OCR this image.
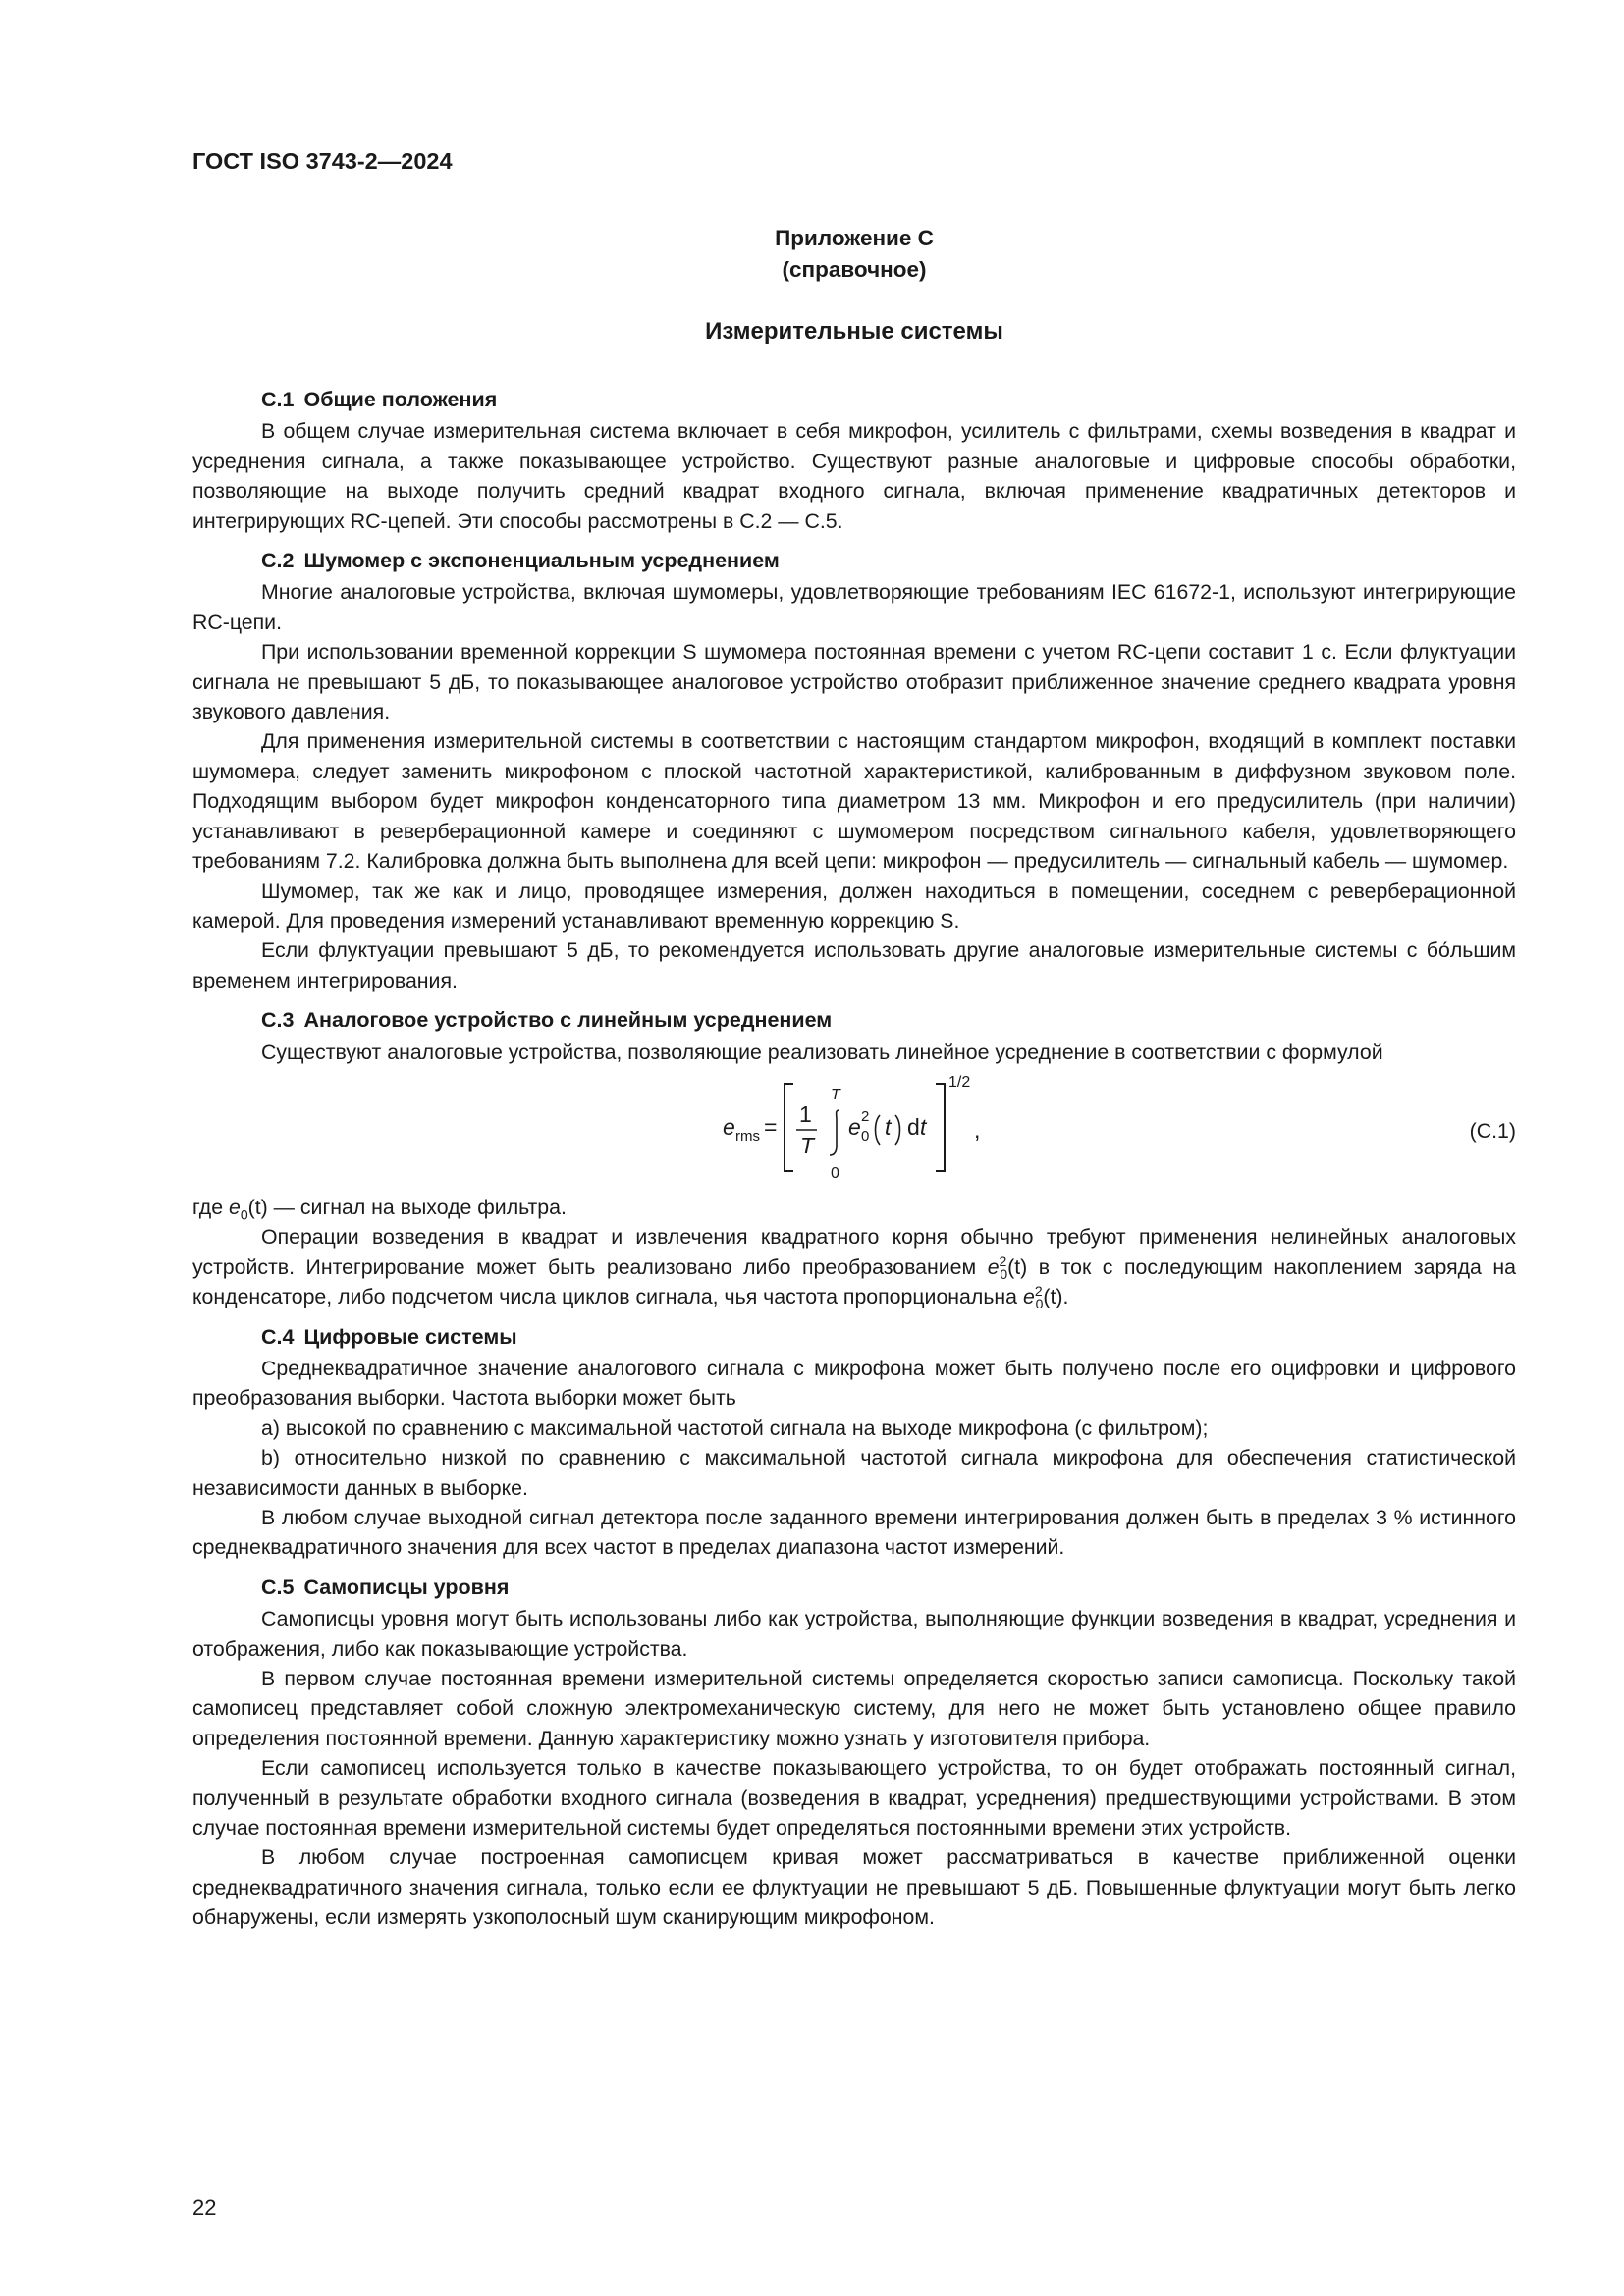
ГОСТ ISO 3743-2—2024
Приложение С
(справочное)
Измерительные системы
С.1 Общие положения

В общем случае измерительная система включает в себя микрофон, усилитель с фильтрами, схемы возведения в квадрат и усреднения сигнала, а также показывающее устройство. Существуют разные аналоговые и цифровые способы обработки, позволяющие на выходе получить средний квадрат входного сигнала, включая применение квадратичных детекторов и интегрирующих RC-цепей. Эти способы рассмотрены в С.2 — С.5.

С.2 Шумомер с экспоненциальным усреднением

Многие аналоговые устройства, включая шумомеры, удовлетворяющие требованиям IEC 61672-1, используют интегрирующие RC-цепи.

При использовании временной коррекции S шумомера постоянная времени с учетом RC-цепи составит 1 с. Если флуктуации сигнала не превышают 5 дБ, то показывающее аналоговое устройство отобразит приближенное значение среднего квадрата уровня звукового давления.

Для применения измерительной системы в соответствии с настоящим стандартом микрофон, входящий в комплект поставки шумомера, следует заменить микрофоном с плоской частотной характеристикой, калиброванным в диффузном звуковом поле. Подходящим выбором будет микрофон конденсаторного типа диаметром 13 мм. Микрофон и его предусилитель (при наличии) устанавливают в реверберационной камере и соединяют с шумомером посредством сигнального кабеля, удовлетворяющего требованиям 7.2. Калибровка должна быть выполнена для всей цепи: микрофон — предусилитель — сигнальный кабель — шумомер.

Шумомер, так же как и лицо, проводящее измерения, должен находиться в помещении, соседнем с реверберационной камерой. Для проведения измерений устанавливают временную коррекцию S.

Если флуктуации превышают 5 дБ, то рекомендуется использовать другие аналоговые измерительные системы с бо́льшим временем интегрирования.

С.3 Аналоговое устройство с линейным усреднением

Существуют аналоговые устройства, позволяющие реализовать линейное усреднение в соответствии с формулой

e rms = 1
T
T
0
e 0
2 t d t
1/2
,	(C.1)

где $e_0(t)$ — сигнал на выходе фильтра.

Операции возведения в квадрат и извлечения квадратного корня обычно требуют применения нелинейных аналоговых устройств. Интегрирование может быть реализовано либо преобразованием $e^2_0(t)$ в ток с последующим накоплением заряда на конденсаторе, либо подсчетом числа циклов сигнала, чья частота пропорциональна $e^2_0(t)$.

С.4 Цифровые системы

Среднеквадратичное значение аналогового сигнала с микрофона может быть получено после его оцифровки и цифрового преобразования выборки. Частота выборки может быть

а) высокой по сравнению с максимальной частотой сигнала на выходе микрофона (с фильтром);

b) относительно низкой по сравнению с максимальной частотой сигнала микрофона для обеспечения статистической независимости данных в выборке.

В любом случае выходной сигнал детектора после заданного времени интегрирования должен быть в пределах 3 % истинного среднеквадратичного значения для всех частот в пределах диапазона частот измерений.

С.5 Самописцы уровня

Самописцы уровня могут быть использованы либо как устройства, выполняющие функции возведения в квадрат, усреднения и отображения, либо как показывающие устройства.

В первом случае постоянная времени измерительной системы определяется скоростью записи самописца. Поскольку такой самописец представляет собой сложную электромеханическую систему, для него не может быть установлено общее правило определения постоянной времени. Данную характеристику можно узнать у изготовителя прибора.

Если самописец используется только в качестве показывающего устройства, то он будет отображать постоянный сигнал, полученный в результате обработки входного сигнала (возведения в квадрат, усреднения) предшествующими устройствами. В этом случае постоянная времени измерительной системы будет определяться постоянными времени этих устройств.

В любом случае построенная самописцем кривая может рассматриваться в качестве приближенной оценки среднеквадратичного значения сигнала, только если ее флуктуации не превышают 5 дБ. Повышенные флуктуации могут быть легко обнаружены, если измерять узкополосный шум сканирующим микрофоном.

22
